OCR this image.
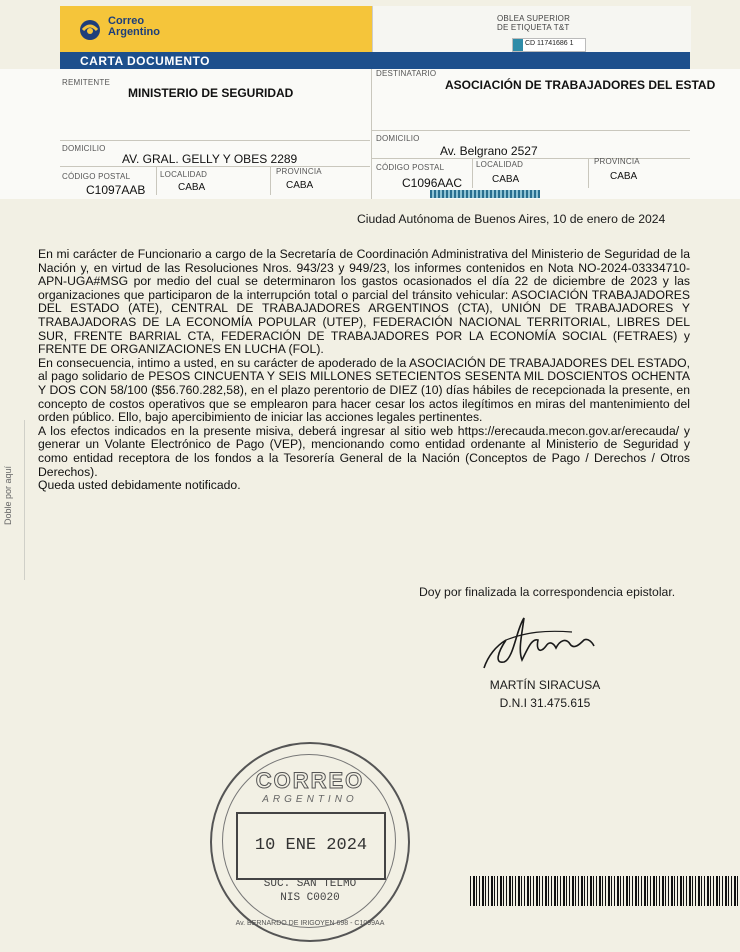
Correo
Argentino
OBLEA SUPERIOR
DE ETIQUETA T&T
CD 11741686 1
CARTA DOCUMENTO
REMITENTE
MINISTERIO DE SEGURIDAD
DOMICILIO
AV. GRAL. GELLY Y OBES 2289
CÓDIGO POSTAL
C1097AAB
LOCALIDAD
CABA
PROVINCIA
CABA
DESTINATARIO
ASOCIACIÓN DE TRABAJADORES DEL ESTAD
DOMICILIO
Av. Belgrano 2527
CÓDIGO POSTAL
C1096AAC
LOCALIDAD
CABA
PROVINCIA
CABA
Ciudad Autónoma de Buenos Aires, 10 de enero de 2024

En mi carácter de Funcionario a cargo de la Secretaría de Coordinación Administrativa del Ministerio de Seguridad de la Nación y, en virtud de las Resoluciones Nros. 943/23 y 949/23, los informes contenidos en Nota NO-2024-03334710-APN-UGA#MSG por medio del cual se determinaron los gastos ocasionados el día 22 de diciembre de 2023 y las organizaciones que participaron de la interrupción total o parcial del tránsito vehicular: ASOCIACIÓN TRABAJADORES DEL ESTADO (ATE), CENTRAL DE TRABAJADORES ARGENTINOS (CTA), UNIÓN DE TRABAJADORES Y TRABAJADORAS DE LA ECONOMÍA POPULAR (UTEP), FEDERACIÓN NACIONAL TERRITORIAL, LIBRES DEL SUR, FRENTE BARRIAL CTA, FEDERACIÓN DE TRABAJADORES POR LA ECONOMÍA SOCIAL (FETRAES) y FRENTE DE ORGANIZACIONES EN LUCHA (FOL).

En consecuencia, intimo a usted, en su carácter de apoderado de la ASOCIACIÓN DE TRABAJADORES DEL ESTADO, al pago solidario de PESOS CINCUENTA Y SEIS MILLONES SETECIENTOS SESENTA MIL DOSCIENTOS OCHENTA Y DOS CON 58/100 ($56.760.282,58), en el plazo perentorio de DIEZ (10) días hábiles de recepcionada la presente, en concepto de costos operativos que se emplearon para hacer cesar los actos ilegítimos en miras del mantenimiento del orden público. Ello, bajo apercibimiento de iniciar las acciones legales pertinentes.

A los efectos indicados en la presente misiva, deberá ingresar al sitio web https://erecauda.mecon.gov.ar/erecauda/ y generar un Volante Electrónico de Pago (VEP), mencionando como entidad ordenante al Ministerio de Seguridad y como entidad receptora de los fondos a la Tesorería General de la Nación (Conceptos de Pago / Derechos / Otros Derechos).

Queda usted debidamente notificado.

Doy por finalizada la correspondencia epistolar.
MARTÍN SIRACUSA
D.N.I 31.475.615
Doble por aquí
CORREO
ARGENTINO
10 ENE 2024
SUC. SAN TELMO
NIS C0020
Av. BERNARDO DE IRIGOYEN 698 - C1099AA
